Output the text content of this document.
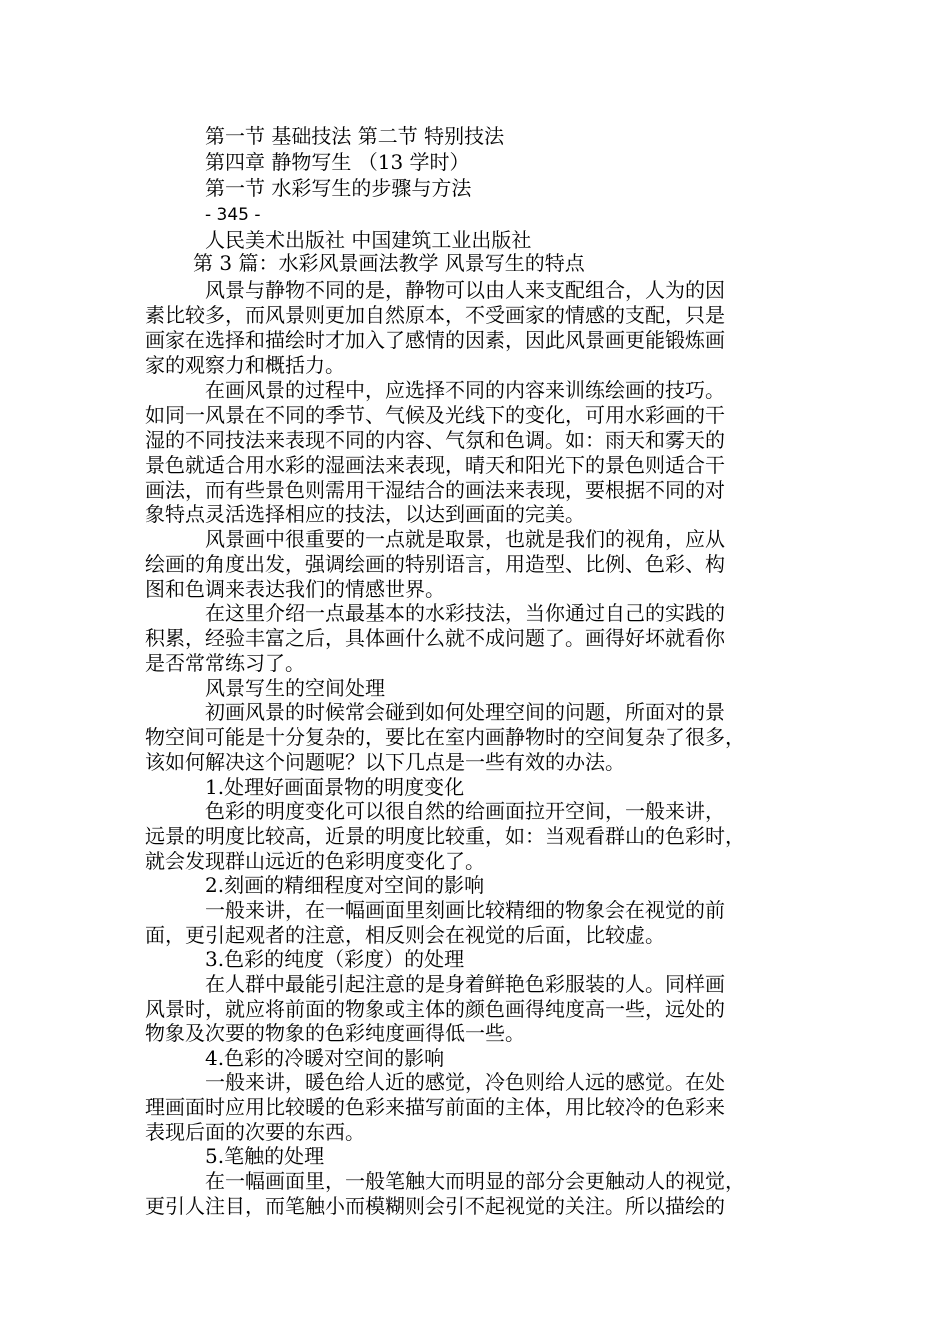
第一节 基础技法 第二节 特别技法
第四章 静物写生 （13 学时）
第一节 水彩写生的步骤与方法
- 345 -
人民美术出版社 中国建筑工业出版社
第 3 篇：水彩风景画法教学 风景写生的特点
风景与静物不同的是，静物可以由人来支配组合，人为的因
素比较多，而风景则更加自然原本，不受画家的情感的支配，只是
画家在选择和描绘时才加入了感情的因素，因此风景画更能锻炼画
家的观察力和概括力。
在画风景的过程中，应选择不同的内容来训练绘画的技巧。
如同一风景在不同的季节、气候及光线下的变化，可用水彩画的干
湿的不同技法来表现不同的内容、气氛和色调。如：雨天和雾天的
景色就适合用水彩的湿画法来表现，晴天和阳光下的景色则适合干
画法，而有些景色则需用干湿结合的画法来表现，要根据不同的对
象特点灵活选择相应的技法，以达到画面的完美。
风景画中很重要的一点就是取景，也就是我们的视角，应从
绘画的角度出发，强调绘画的特别语言，用造型、比例、色彩、构
图和色调来表达我们的情感世界。
在这里介绍一点最基本的水彩技法，当你通过自己的实践的
积累，经验丰富之后，具体画什么就不成问题了。画得好坏就看你
是否常常练习了。
风景写生的空间处理
初画风景的时候常会碰到如何处理空间的问题，所面对的景
物空间可能是十分复杂的，要比在室内画静物时的空间复杂了很多，
该如何解决这个问题呢？以下几点是一些有效的办法。
1.处理好画面景物的明度变化
色彩的明度变化可以很自然的给画面拉开空间，一般来讲，
远景的明度比较高，近景的明度比较重，如：当观看群山的色彩时，
就会发现群山远近的色彩明度变化了。
2.刻画的精细程度对空间的影响
一般来讲，在一幅画面里刻画比较精细的物象会在视觉的前
面，更引起观者的注意，相反则会在视觉的后面，比较虚。
3.色彩的纯度（彩度）的处理
在人群中最能引起注意的是身着鲜艳色彩服装的人。同样画
风景时，就应将前面的物象或主体的颜色画得纯度高一些，远处的
物象及次要的物象的色彩纯度画得低一些。
4.色彩的冷暖对空间的影响
一般来讲，暖色给人近的感觉，冷色则给人远的感觉。在处
理画面时应用比较暖的色彩来描写前面的主体，用比较冷的色彩来
表现后面的次要的东西。
5.笔触的处理
在一幅画面里，一般笔触大而明显的部分会更触动人的视觉，
更引人注目，而笔触小而模糊则会引不起视觉的关注。所以描绘的
